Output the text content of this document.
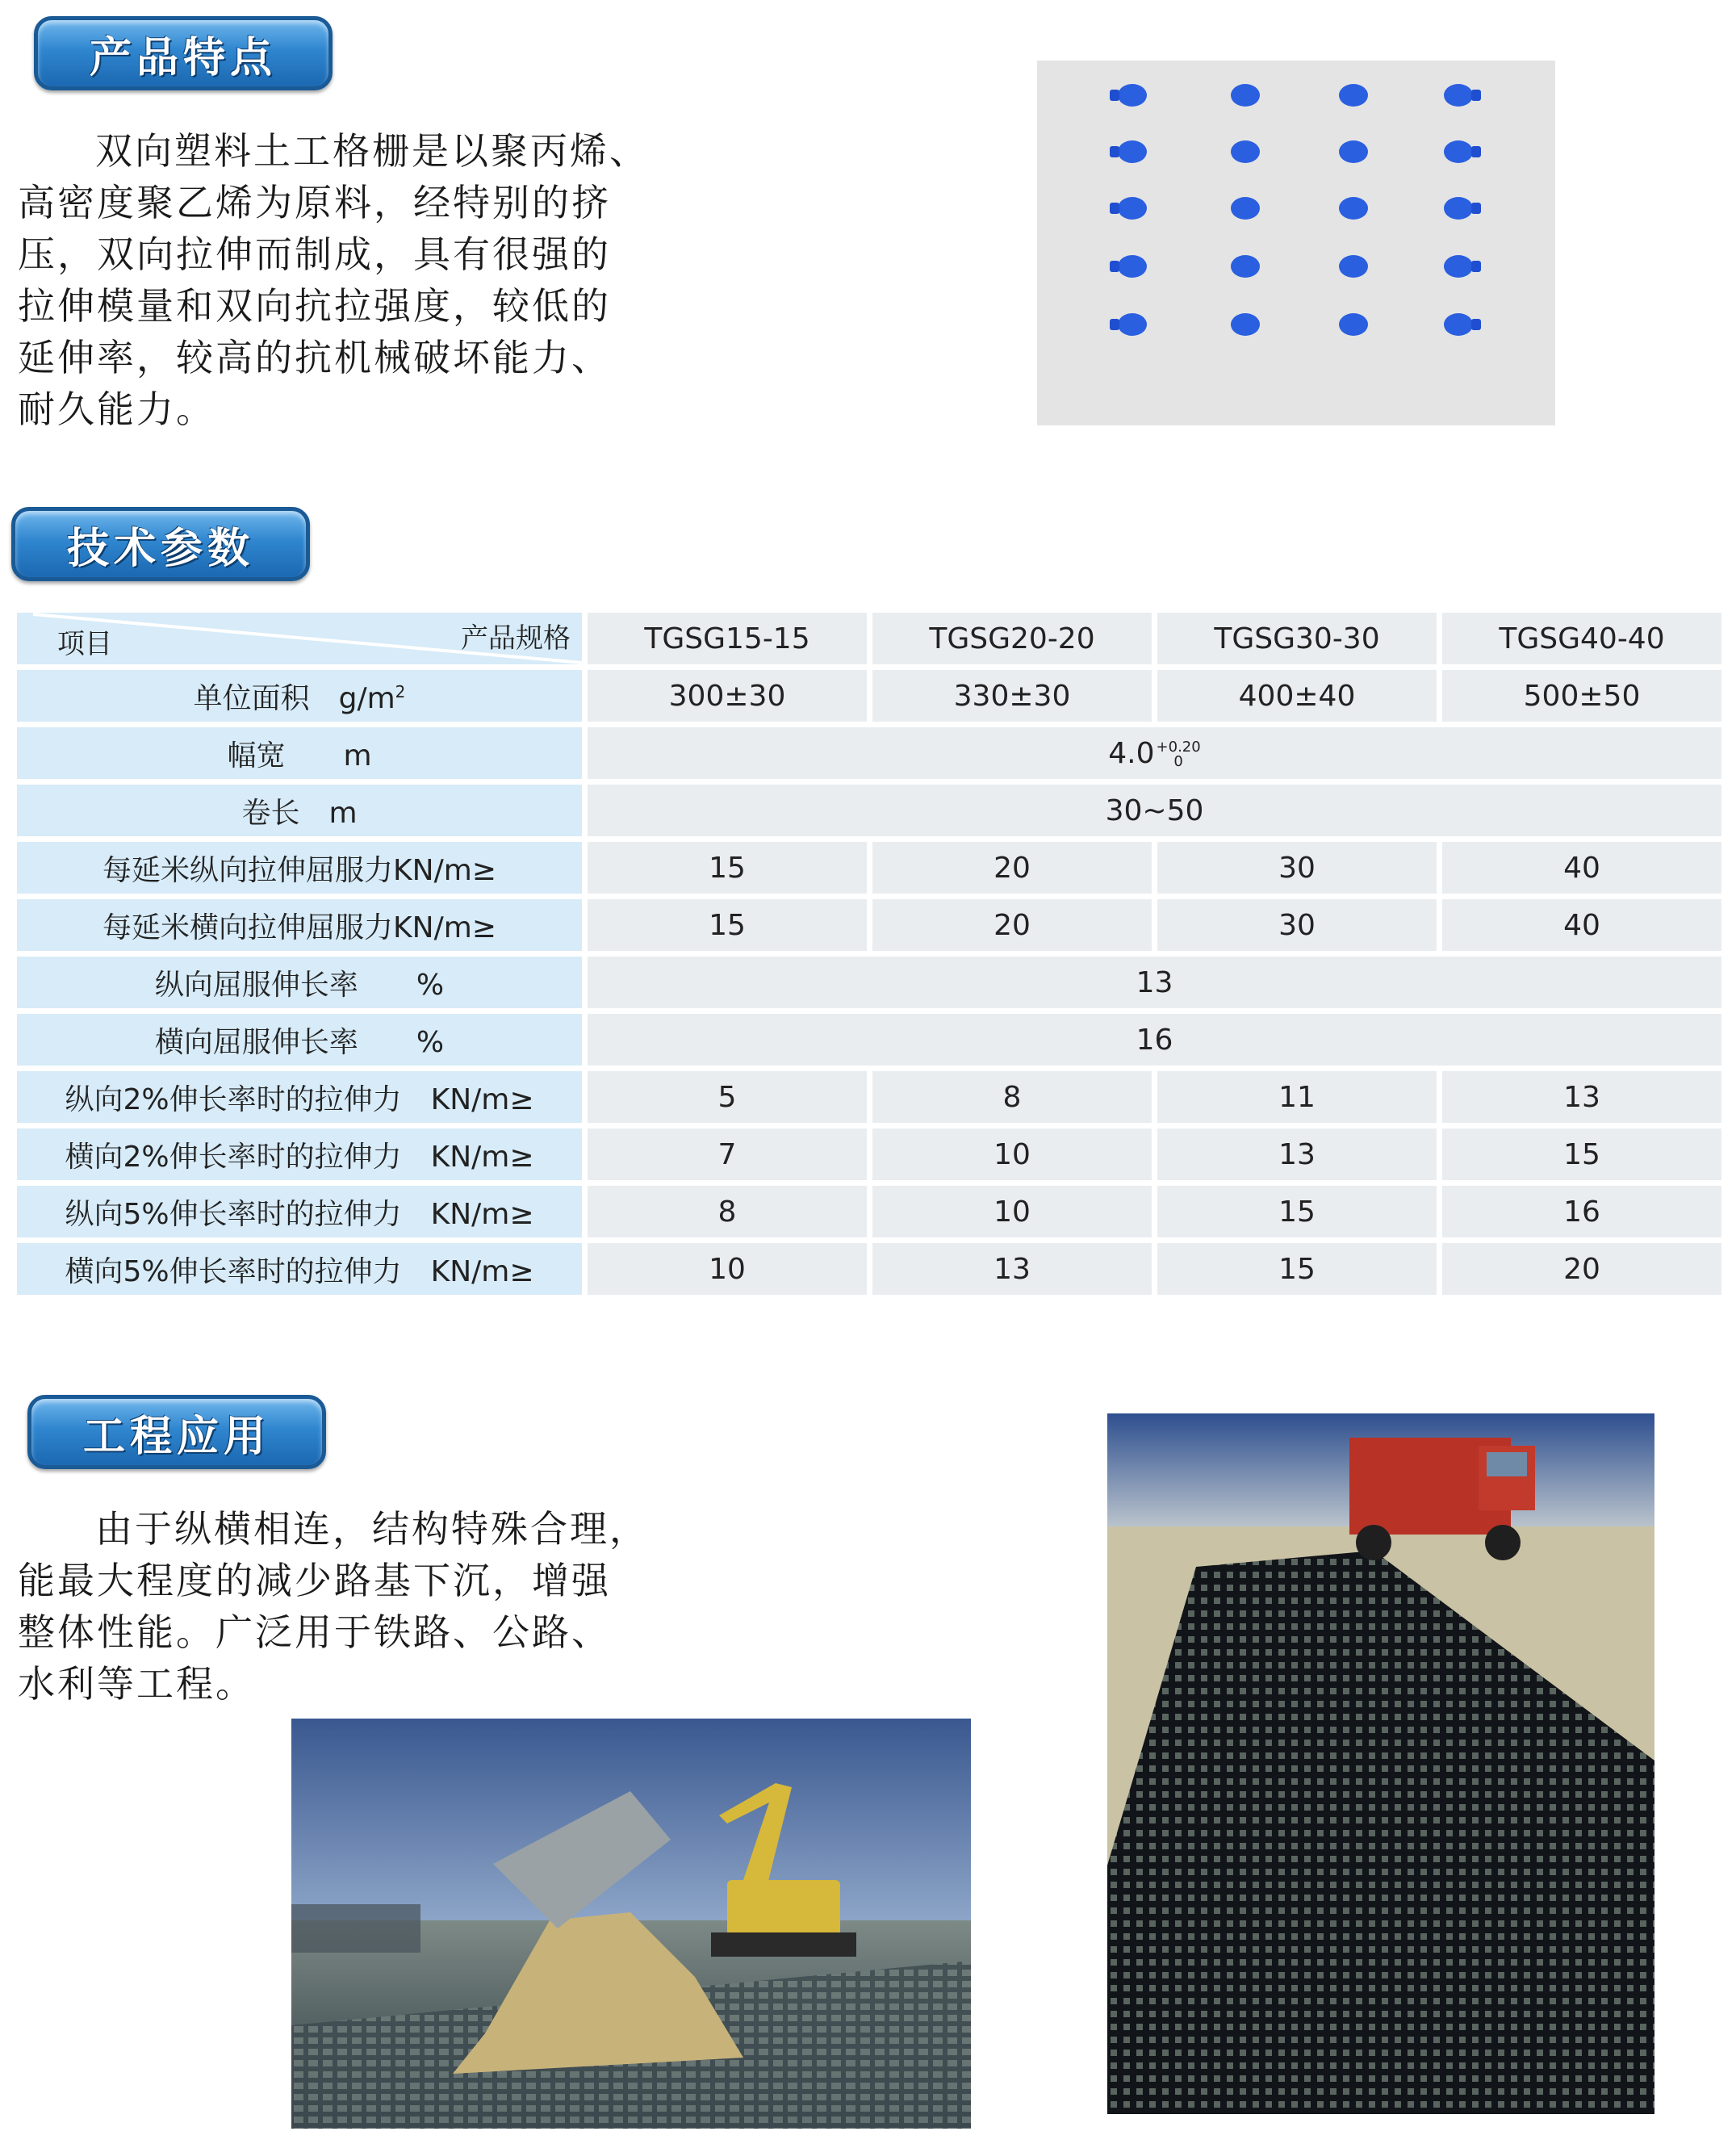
产品特点

双向塑料土工格栅是以聚丙烯、

高密度聚乙烯为原料，经特别的挤

压，双向拉伸而制成，具有很强的

拉伸模量和双向抗拉强度，较低的

延伸率，较高的抗机械破坏能力、

耐久能力。

技术参数
产品规格
项目	TGSG15-15	TGSG20-20	TGSG30-30	TGSG40-40
单位面积　$g/m^2$	300±30	330±30	400±40	500±50
幅宽　　m	4.0 +0.20
0			

卷长　m	30~50			
每延米纵向拉伸屈服力KN/m≥	15	20	30	40
每延米横向拉伸屈服力KN/m≥	15	20	30	40
纵向屈服伸长率　　%	13			
横向屈服伸长率　　%	16			
纵向2%伸长率时的拉伸力　KN/m≥	5	8	11	13
横向2%伸长率时的拉伸力　KN/m≥	7	10	13	15
纵向5%伸长率时的拉伸力　KN/m≥	8	10	15	16
横向5%伸长率时的拉伸力　KN/m≥	10	13	15	20
工程应用

由于纵横相连，结构特殊合理，

能最大程度的减少路基下沉，增强

整体性能。广泛用于铁路、公路、

水利等工程。
